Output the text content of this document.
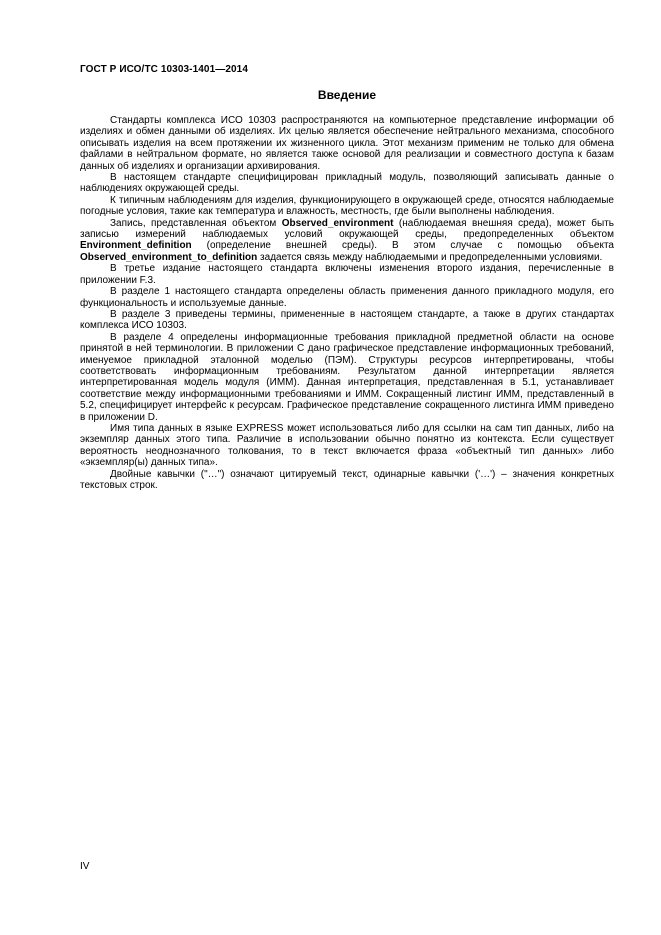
ГОСТ Р ИСО/ТС 10303-1401—2014
Введение

Стандарты комплекса ИСО 10303 распространяются на компьютерное представление информации об изделиях и обмен данными об изделиях. Их целью является обеспечение нейтрального механизма, способного описывать изделия на всем протяжении их жизненного цикла. Этот механизм применим не только для обмена файлами в нейтральном формате, но является также основой для реализации и совместного доступа к базам данных об изделиях и организации архивирования.

В настоящем стандарте специфицирован прикладный модуль, позволяющий записывать данные о наблюдениях окружающей среды.

К типичным наблюдениям для изделия, функционирующего в окружающей среде, относятся наблюдаемые погодные условия, такие как температура и влажность, местность, где были выполнены наблюдения.

Запись, представленная объектом Observed_environment (наблюдаемая внешняя среда), может быть записью измерений наблюдаемых условий окружающей среды, предопределенных объектом Environment_definition (определение внешней среды). В этом случае с помощью объекта Observed_environment_to_definition задается связь между наблюдаемыми и предопределенными условиями.

В третье издание настоящего стандарта включены изменения второго издания, перечисленные в приложении F.3.

В разделе 1 настоящего стандарта определены область применения данного прикладного модуля, его функциональность и используемые данные.

В разделе 3 приведены термины, примененные в настоящем стандарте, а также в других стандартах комплекса ИСО 10303.

В разделе 4 определены информационные требования прикладной предметной области на основе принятой в ней терминологии. В приложении С дано графическое представление информационных требований, именуемое прикладной эталонной моделью (ПЭМ). Структуры ресурсов интерпретированы, чтобы соответствовать информационным требованиям. Результатом данной интерпретации является интерпретированная модель модуля (ИММ). Данная интерпретация, представленная в 5.1, устанавливает соответствие между информационными требованиями и ИММ. Сокращенный листинг ИММ, представленный в 5.2, специфицирует интерфейс к ресурсам. Графическое представление сокращенного листинга ИММ приведено в приложении D.

Имя типа данных в языке EXPRESS может использоваться либо для ссылки на сам тип данных, либо на экземпляр данных этого типа. Различие в использовании обычно понятно из контекста. Если существует вероятность неоднозначного толкования, то в текст включается фраза «объектный тип данных» либо «экземпляр(ы) данных типа».

Двойные кавычки ("…") означают цитируемый текст, одинарные кавычки ('…') – значения конкретных текстовых строк.

IV
